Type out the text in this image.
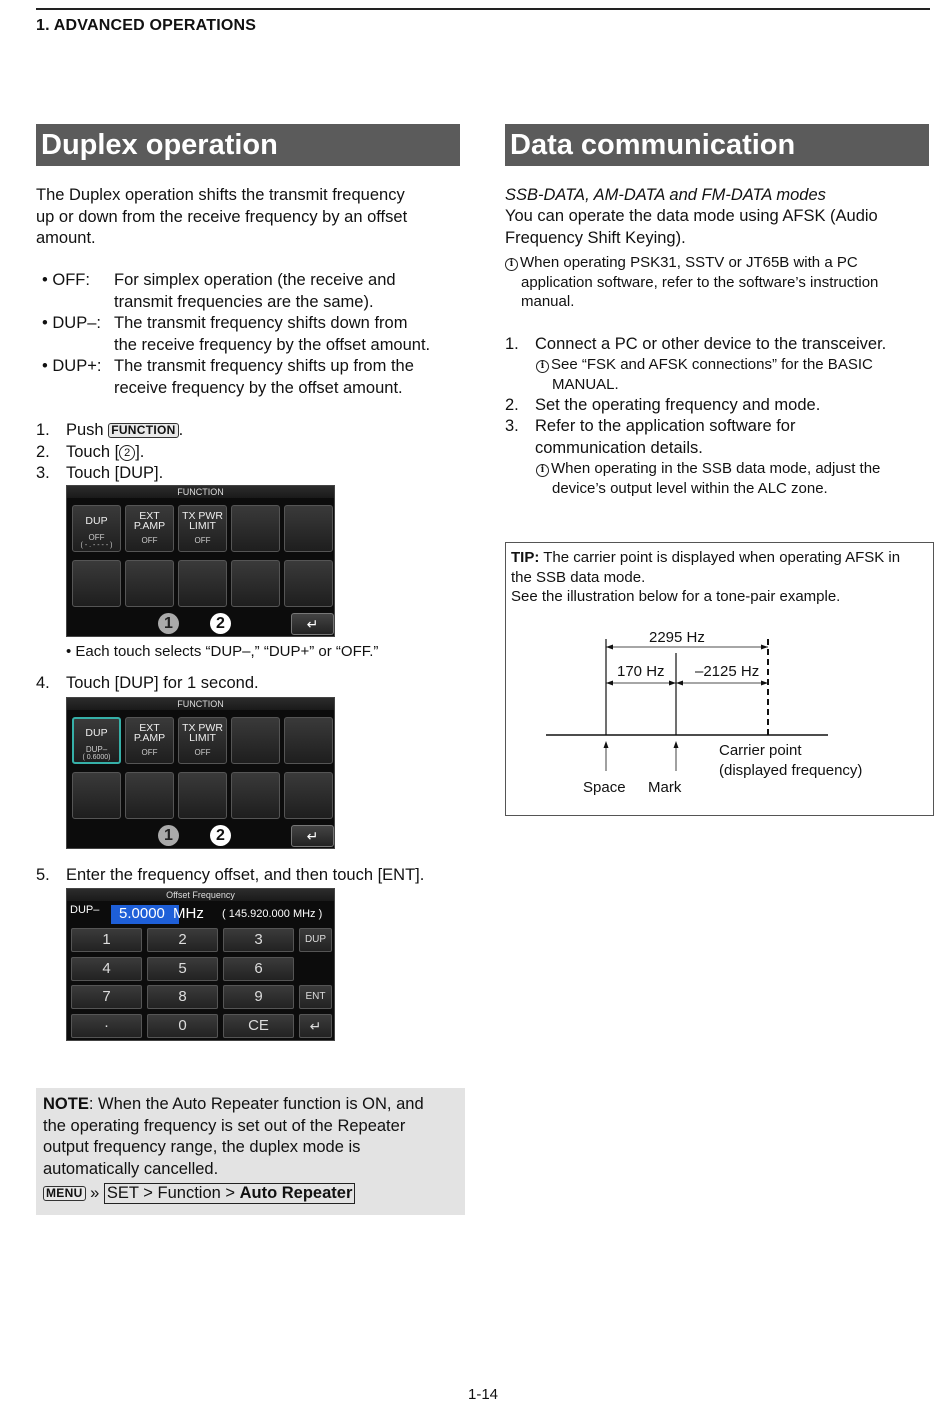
1. ADVANCED OPERATIONS
Duplex operation
The Duplex operation shifts the transmit frequency
up or down from the receive frequency by an offset
amount.
• OFF: For simplex operation (the receive and
transmit frequencies are the same).
• DUP–: The transmit frequency shifts down from
the receive frequency by the offset amount.
• DUP+: The transmit frequency shifts up from the
receive frequency by the offset amount.
1. Push FUNCTION .
2. Touch [ 2 ].
3. Touch [DUP].
FUNCTION
DUP
OFF
( - . - - - - )
EXT
P.AMP
OFF
TX PWR
LIMIT
OFF
1	2	↵
• Each touch selects “DUP–,” “DUP+” or “OFF.”
4. Touch [DUP] for 1 second.
FUNCTION
DUP
DUP–
( 0.6000)
EXT
P.AMP
OFF
TX PWR
LIMIT
OFF
1	2	↵
5. Enter the frequency offset, and then touch [ENT].
Offset Frequency
DUP– 5.0000 MHz ( 145.920.000 MHz )
1	2	3	DUP
4	5	6
7	8	9	ENT
·	0	CE	↵
NOTE: When the Auto Repeater function is ON, and
the operating frequency is set out of the Repeater
output frequency range, the duplex mode is
automatically cancelled.
MENU » SET > Function > Auto Repeater
Data communication
SSB-DATA, AM-DATA and FM-DATA modes
You can operate the data mode using AFSK (Audio
Frequency Shift Keying).
i When operating PSK31, SSTV or JT65B with a PC
application software, refer to the software’s instruction
manual.
1. Connect a PC or other device to the transceiver.
i See “FSK and AFSK connections” for the BASIC
MANUAL.
2. Set the operating frequency and mode.
3. Refer to the application software for
communication details.
i When operating in the SSB data mode, adjust the
device’s output level within the ALC zone.
TIP: The carrier point is displayed when operating AFSK in
the SSB data mode.
See the illustration below for a tone-pair example.
2295 Hz
170 Hz –2125 Hz
Space Mark
Carrier point
(displayed frequency)
1-14
